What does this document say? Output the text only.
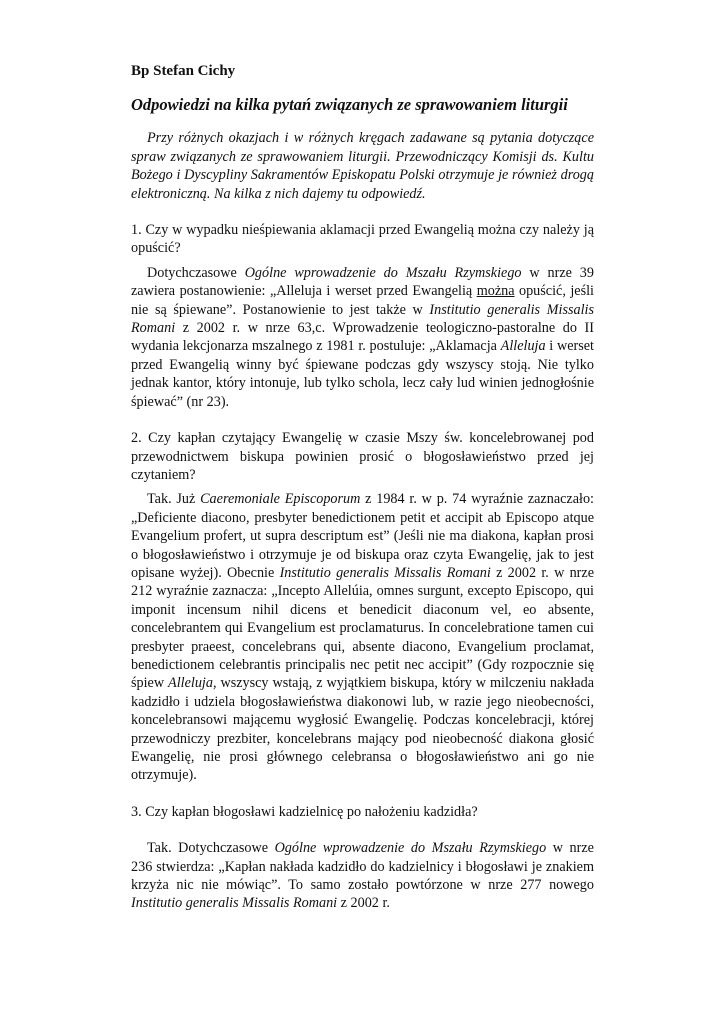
Bp Stefan Cichy

Odpowiedzi na kilka pytań związanych ze sprawowaniem liturgii

Przy różnych okazjach i w różnych kręgach zadawane są pytania dotyczące spraw związanych ze sprawowaniem liturgii. Przewodniczący Komisji ds. Kultu Bożego i Dyscypliny Sakramentów Episkopatu Polski otrzymuje je również drogą elektroniczną. Na kilka z nich dajemy tu odpowiedź.

1. Czy w wypadku nieśpiewania aklamacji przed Ewangelią można czy należy ją opuścić?

Dotychczasowe Ogólne wprowadzenie do Mszału Rzymskiego w nrze 39 zawiera postanowienie: „Alleluja i werset przed Ewangelią można opuścić, jeśli nie są śpiewane”. Postanowienie to jest także w Institutio generalis Missalis Romani z 2002 r. w nrze 63,c. Wprowadzenie teologiczno-pastoralne do II wydania lekcjonarza mszalnego z 1981 r. postuluje: „Aklamacja Alleluja i werset przed Ewangelią winny być śpiewane podczas gdy wszyscy stoją. Nie tylko jednak kantor, który intonuje, lub tylko schola, lecz cały lud winien jednogłośnie śpiewać” (nr 23).

2. Czy kapłan czytający Ewangelię w czasie Mszy św. koncelebrowanej pod przewodnictwem biskupa powinien prosić o błogosławieństwo przed jej czytaniem?

Tak. Już Caeremoniale Episcoporum z 1984 r. w p. 74 wyraźnie zaznaczało: „Deficiente diacono, presbyter benedictionem petit et accipit ab Episcopo atque Evangelium profert, ut supra descriptum est” (Jeśli nie ma diakona, kapłan prosi o błogosławieństwo i otrzymuje je od biskupa oraz czyta Ewangelię, jak to jest opisane wyżej). Obecnie Institutio generalis Missalis Romani z 2002 r. w nrze 212 wyraźnie zaznacza: „Incepto Allelúia, omnes surgunt, excepto Episcopo, qui imponit incensum nihil dicens et benedicit diaconum vel, eo absente, concelebrantem qui Evangelium est proclamaturus. In concelebratione tamen cui presbyter praeest, concelebrans qui, absente diacono, Evangelium proclamat, benedictionem celebrantis principalis nec petit nec accipit” (Gdy rozpocznie się śpiew Alleluja, wszyscy wstają, z wyjątkiem biskupa, który w milczeniu nakłada kadzidło i udziela błogosławieństwa diakonowi lub, w razie jego nieobecności, koncelebransowi mającemu wygłosić Ewangelię. Podczas koncelebracji, której przewodniczy prezbiter, koncelebrans mający pod nieobecność diakona głosić Ewangelię, nie prosi głównego celebransa o błogosławieństwo ani go nie otrzymuje).

3. Czy kapłan błogosławi kadzielnicę po nałożeniu kadzidła?

Tak. Dotychczasowe Ogólne wprowadzenie do Mszału Rzymskiego w nrze 236 stwierdza: „Kapłan nakłada kadzidło do kadzielnicy i błogosławi je znakiem krzyża nic nie mówiąc”. To samo zostało powtórzone w nrze 277 nowego Institutio generalis Missalis Romani z 2002 r.
